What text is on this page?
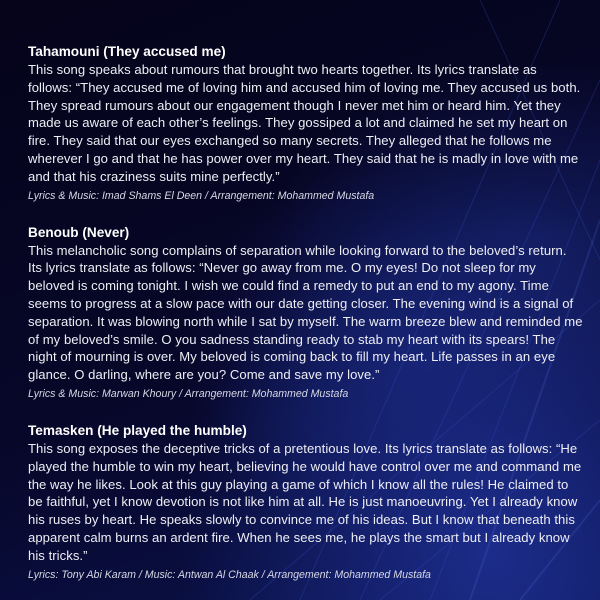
Tahamouni (They accused me)
This song speaks about rumours that brought two hearts together. Its lyrics translate as follows: “They accused me of loving him and accused him of loving me. They accused us both. They spread rumours about our engagement though I never met him or heard him. Yet they made us aware of each other’s feelings. They gossiped a lot and claimed he set my heart on fire. They said that our eyes exchanged so many secrets. They alleged that he follows me wherever I go and that he has power over my heart. They said that he is madly in love with me and that his craziness suits mine perfectly.”
Lyrics & Music: Imad Shams El Deen / Arrangement: Mohammed Mustafa
Benoub (Never)
This melancholic song complains of separation while looking forward to the beloved’s return. Its lyrics translate as follows: “Never go away from me. O my eyes! Do not sleep for my beloved is coming tonight. I wish we could find a remedy to put an end to my agony. Time seems to progress at a slow pace with our date getting closer. The evening wind is a signal of separation. It was blowing north while I sat by myself. The warm breeze blew and reminded me of my beloved’s smile. O you sadness standing ready to stab my heart with its spears! The night of mourning is over. My beloved is coming back to fill my heart. Life passes in an eye glance. O darling, where are you? Come and save my love.”
Lyrics & Music: Marwan Khoury / Arrangement: Mohammed Mustafa
Temasken (He played the humble)
This song exposes the deceptive tricks of a pretentious love. Its lyrics translate as follows: “He played the humble to win my heart, believing he would have control over me and command me the way he likes. Look at this guy playing a game of which I know all the rules! He claimed to be faithful, yet I know devotion is not like him at all. He is just manoeuvring. Yet I already know his ruses by heart. He speaks slowly to convince me of his ideas. But I know that beneath this apparent calm burns an ardent fire. When he sees me, he plays the smart but I already know his tricks.”
Lyrics: Tony Abi Karam / Music: Antwan Al Chaak / Arrangement: Mohammed Mustafa
